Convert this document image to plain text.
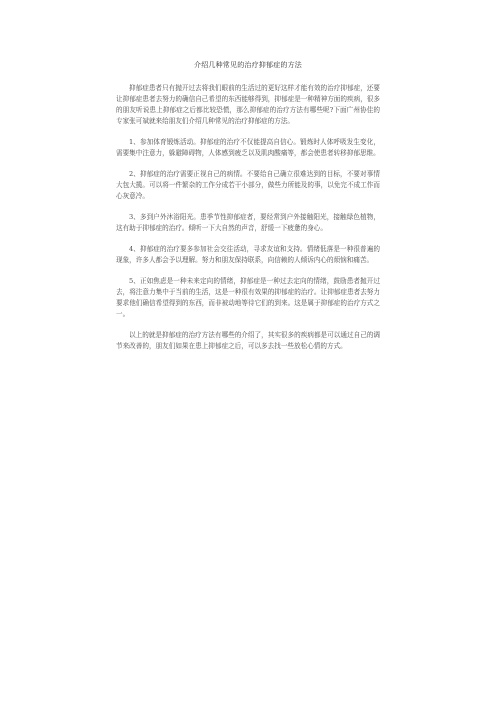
介绍几种常见的治疗抑郁症的方法

抑郁症患者只有抛开过去将我们眼前的生活过的更好这样才能有效的治疗抑郁症，还要让抑郁症患者去努力的确信自己希望的东西能够得到，抑郁症是一种精神方面的疾病，很多的朋友听说患上抑郁症之后都比较恐慌，那么抑郁症的治疗方法有哪些呢?下面广州协佳的专家张可斌就来给朋友们介绍几种常见的治疗抑郁症的方法。

1、参加体育锻炼活动。抑郁症的治疗不仅能提高自信心。锻炼时人体呼吸发生变化，需要集中注意力，躲避障碍物，人体感到疲乏以及肌肉酸痛等，都会使患者转移抑郁思维。

2、抑郁症的治疗需要正视自己的病情。不要给自己确立很难达到的目标，不要对事情大包大揽。可以将一件繁杂的工作分成若干小部分，做些力所能及的事，以免完不成工作而心灰意冷。

3、多到户外沐浴阳光。患季节性抑郁症者，要经常到户外接触阳光，接触绿色植物，这有助于抑郁症的治疗。倾听一下大自然的声音，舒缓一下疲惫的身心。

4、抑郁症的治疗要多参加社会交往活动，寻求友谊和支持。情绪低落是一种很普遍的现象，许多人都会予以理解。努力和朋友保持联系，向信赖的人倾诉内心的烦恼和痛苦。

5、正如焦虑是一种未来定向的情绪，抑郁症是一种过去定向的情绪，鼓励患者抛开过去，将注意力集中于当前的生活，这是一种很有效果的抑郁症的治疗。让抑郁症患者去努力要求他们确信希望得到的东西，而非被动地等待它们的到来。这是属于抑郁症的治疗方式之一。

以上的就是抑郁症的治疗方法有哪些的介绍了，其实很多的疾病都是可以通过自己的调节来改善的，朋友们如果在患上抑郁症之后，可以多去找一些放松心情的方式。
